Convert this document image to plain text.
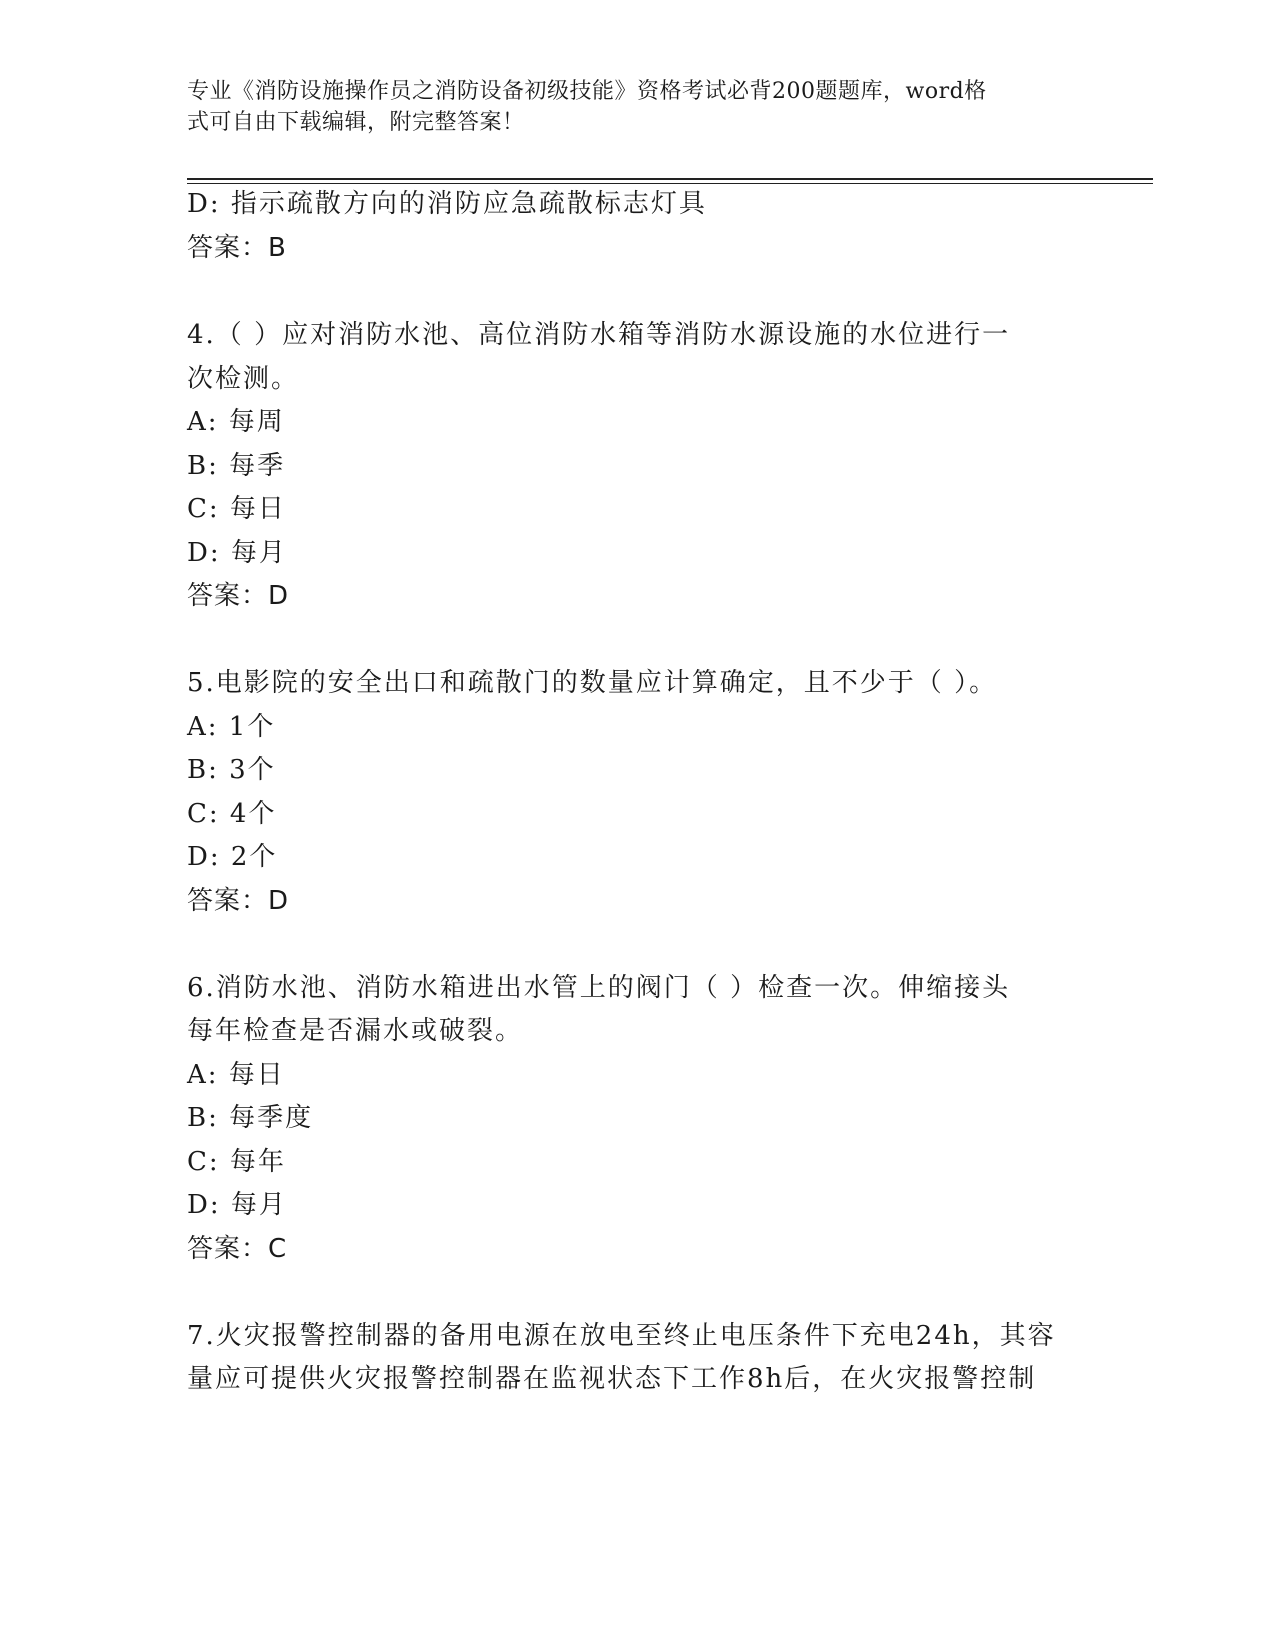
专业《消防设施操作员之消防设备初级技能》资格考试必背200题题库，word格
式可自由下载编辑，附完整答案！
D: 指示疏散方向的消防应急疏散标志灯具
答案：B
4.（ ）应对消防水池、高位消防水箱等消防水源设施的水位进行一
次检测。
A: 每周
B: 每季
C: 每日
D: 每月
答案：D
5.电影院的安全出口和疏散门的数量应计算确定，且不少于（ ）。
A: 1个
B: 3个
C: 4个
D: 2个
答案：D
6.消防水池、消防水箱进出水管上的阀门（ ）检查一次。伸缩接头
每年检查是否漏水或破裂。
A: 每日
B: 每季度
C: 每年
D: 每月
答案：C
7.火灾报警控制器的备用电源在放电至终止电压条件下充电24h，其容
量应可提供火灾报警控制器在监视状态下工作8h后，在火灾报警控制
